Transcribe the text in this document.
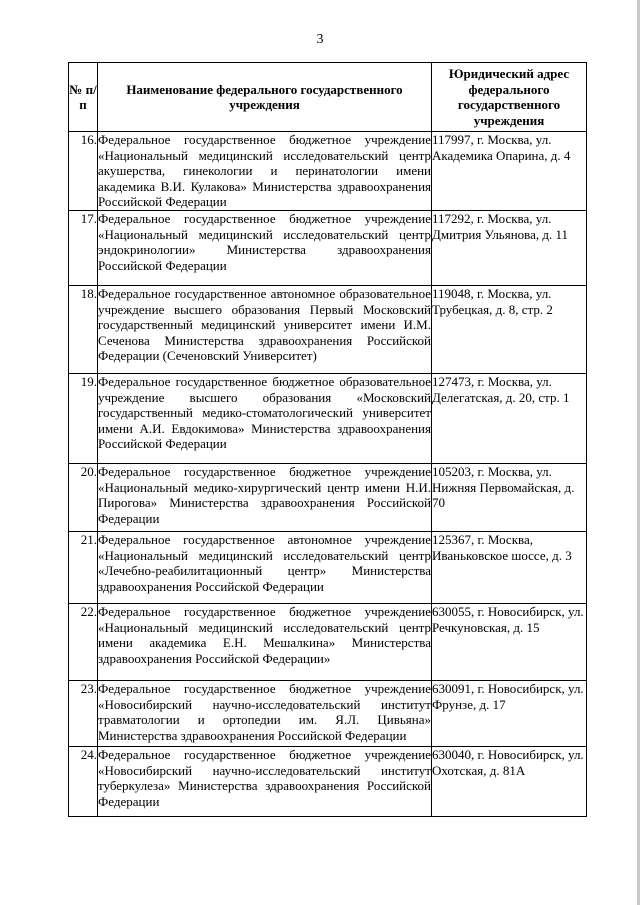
3
№ п/п	Наименование федерального государственного учреждения	Юридический адрес федерального государственного учреждения
16.	Федеральное государственное бюджетное учреждение «Национальный медицинский исследовательский центр акушерства, гинекологии и перинатологии имени академика В.И. Кулакова» Министерства здравоохранения Российской Федерации	117997, г. Москва, ул. Академика Опарина, д. 4
17.	Федеральное государственное бюджетное учреждение «Национальный медицинский исследовательский центр эндокринологии» Министерства здравоохранения Российской Федерации	117292, г. Москва, ул. Дмитрия Ульянова, д. 11
18.	Федеральное государственное автономное образовательное учреждение высшего образования Первый Московский государственный медицинский университет имени И.М. Сеченова Министерства здравоохранения Российской Федерации (Сеченовский Университет)	119048, г. Москва, ул. Трубецкая, д. 8, стр. 2
19.	Федеральное государственное бюджетное образовательное учреждение высшего образования «Московский государственный медико-стоматологический университет имени А.И. Евдокимова» Министерства здравоохранения Российской Федерации	127473, г. Москва, ул. Делегатская, д. 20, стр. 1
20.	Федеральное государственное бюджетное учреждение «Национальный медико-хирургический центр имени Н.И. Пирогова» Министерства здравоохранения Российской Федерации	105203, г. Москва, ул. Нижняя Первомайская, д. 70
21.	Федеральное государственное автономное учреждение «Национальный медицинский исследовательский центр «Лечебно-реабилитационный центр» Министерства здравоохранения Российской Федерации	125367, г. Москва, Иваньковское шоссе, д. 3
22.	Федеральное государственное бюджетное учреждение «Национальный медицинский исследовательский центр имени академика Е.Н. Мешалкина» Министерства здравоохранения Российской Федерации»	630055, г. Новосибирск, ул. Речкуновская, д. 15
23.	Федеральное государственное бюджетное учреждение «Новосибирский научно-исследовательский институт травматологии и ортопедии им. Я.Л. Цивьяна» Министерства здравоохранения Российской Федерации	630091, г. Новосибирск, ул. Фрунзе, д. 17
24.	Федеральное государственное бюджетное учреждение «Новосибирский научно-исследовательский институт туберкулеза» Министерства здравоохранения Российской Федерации	630040, г. Новосибирск, ул. Охотская, д. 81А
